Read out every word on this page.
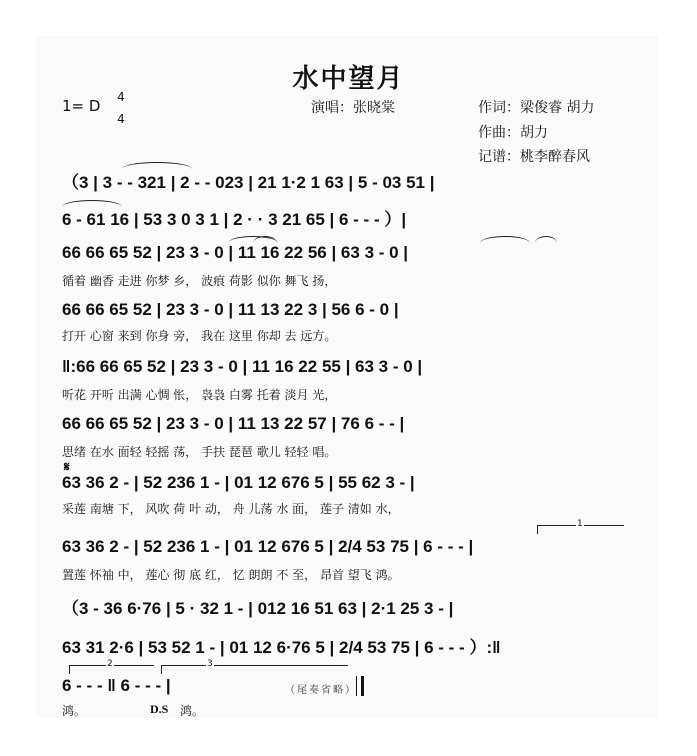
水中望月
1= D 4
4
演唱：张晓棠	作词：梁俊睿 胡力
作曲：胡力
记谱：桃李醉春风
（3 | 3 - - 321 | 2 - - 023 | 21 1·2 1 63 | 5 - 03 51 |
6 - 61 16 | 53 3 0 3 1 | 2 · · 3 21 65 | 6 - - - ）|
66 66 65 52 | 23 3 - 0 | 11 16 22 56 | 63 3 - 0 |
循着 幽香 走进 你梦 乡， 波痕 荷影 似你 舞飞 扬，
66 66 65 52 | 23 3 - 0 | 11 13 22 3 | 56 6 - 0 |
打开 心窗 来到 你身 旁， 我在 这里 你却 去 远方。
‖:66 66 65 52 | 23 3 - 0 | 11 16 22 55 | 63 3 - 0 |
听花 开听 出满 心惆 怅， 袅袅 白雾 托着 淡月 光，
66 66 65 52 | 23 3 - 0 | 11 13 22 57 | 76 6 - - |
思绪 在水 面轻 轻摇 荡， 手扶 琵琶 歌儿 轻轻 唱。
𝄋
63 36 2 - | 52 236 1 - | 01 12 676 5 | 55 62 3 - |
采莲 南塘 下， 风吹 荷 叶 动， 舟 儿荡 水 面， 莲子 清如 水，
1
63 36 2 - | 52 236 1 - | 01 12 676 5 | 2/4 53 75 | 6 - - - |
置莲 怀袖 中， 莲心 彻 底 红， 忆 朗朗 不 至， 昂首 望飞 鸿。
（3 - 36 6·76 | 5 · 32 1 - | 012 16 51 63 | 2·1 25 3 - |
63 31 2·6 | 53 52 1 - | 01 12 6·76 5 | 2/4 53 75 | 6 - - - ）:‖
2	3
6 - - - ‖ 6 - - - |	（尾奏省略）
鸿。	D.S 鸿。
